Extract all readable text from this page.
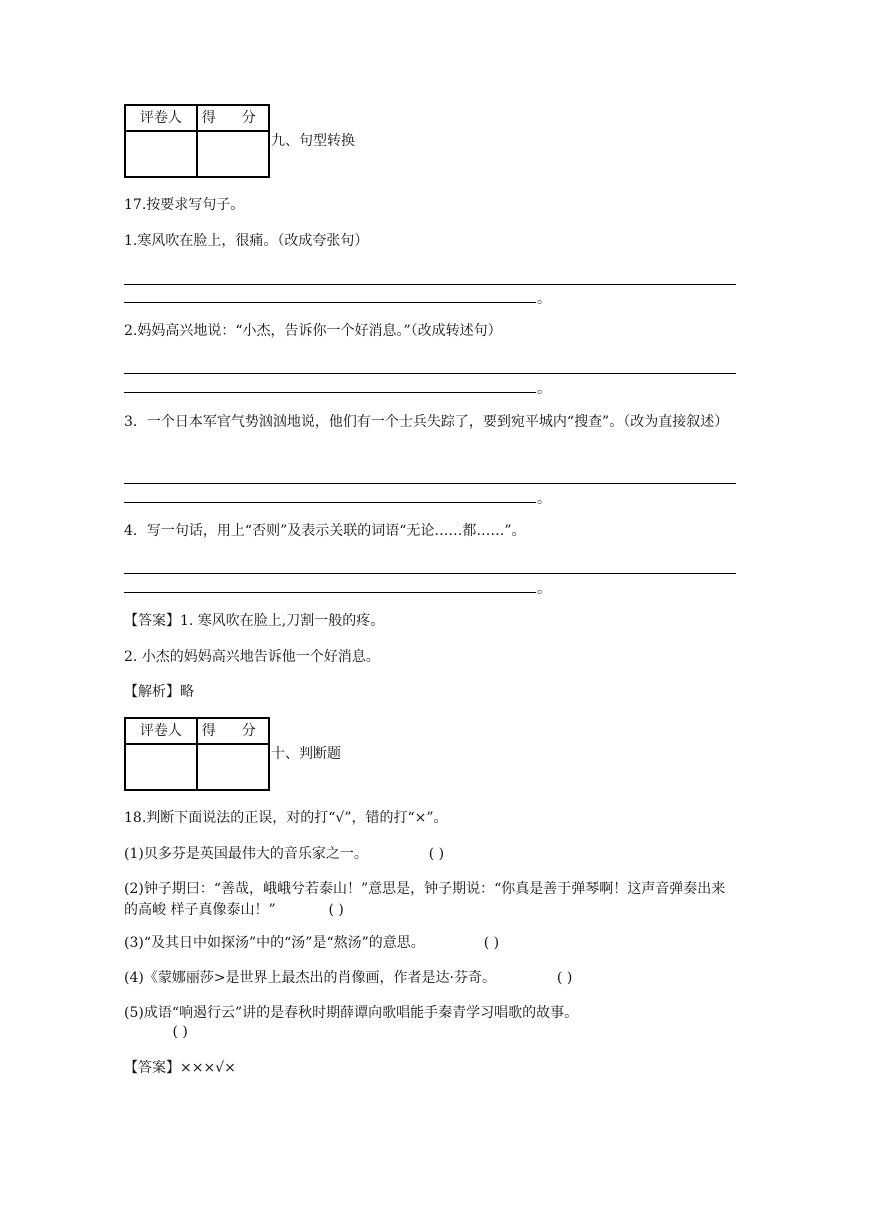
评卷人	得 分

九、句型转换
17.按要求写句子。
1.寒风吹在脸上，很痛。（改成夸张句）
。
2.妈妈高兴地说：“小杰，告诉你一个好消息。”（改成转述句）
。
3．一个日本军官气势汹汹地说，他们有一个士兵失踪了，要到宛平城内“搜查”。（改为直接叙述）
。
4．写一句话，用上“否则”及表示关联的词语“无论……都……”。
。
【答案】1. 寒风吹在脸上,刀割一般的疼。
2. 小杰的妈妈高兴地告诉他一个好消息。
【解析】略
评卷人	得 分

十、判断题
18.判断下面说法的正误，对的打“√”，错的打“×”。
(1)贝多芬是英国最伟大的音乐家之一。	( )
(2)钟子期曰：“善哉，峨峨兮若泰山！”意思是，钟子期说：“你真是善于弹琴啊！这声音弹奏出来的高峻 样子真像泰山！”	( )
(3)“及其日中如探汤”中的“汤”是“熬汤”的意思。	( )
(4)《蒙娜丽莎>是世界上最杰出的肖像画，作者是达·芬奇。	( )
(5)成语“响遏行云”讲的是春秋时期薛谭向歌唱能手秦青学习唱歌的故事。  ( )
【答案】×××√×
